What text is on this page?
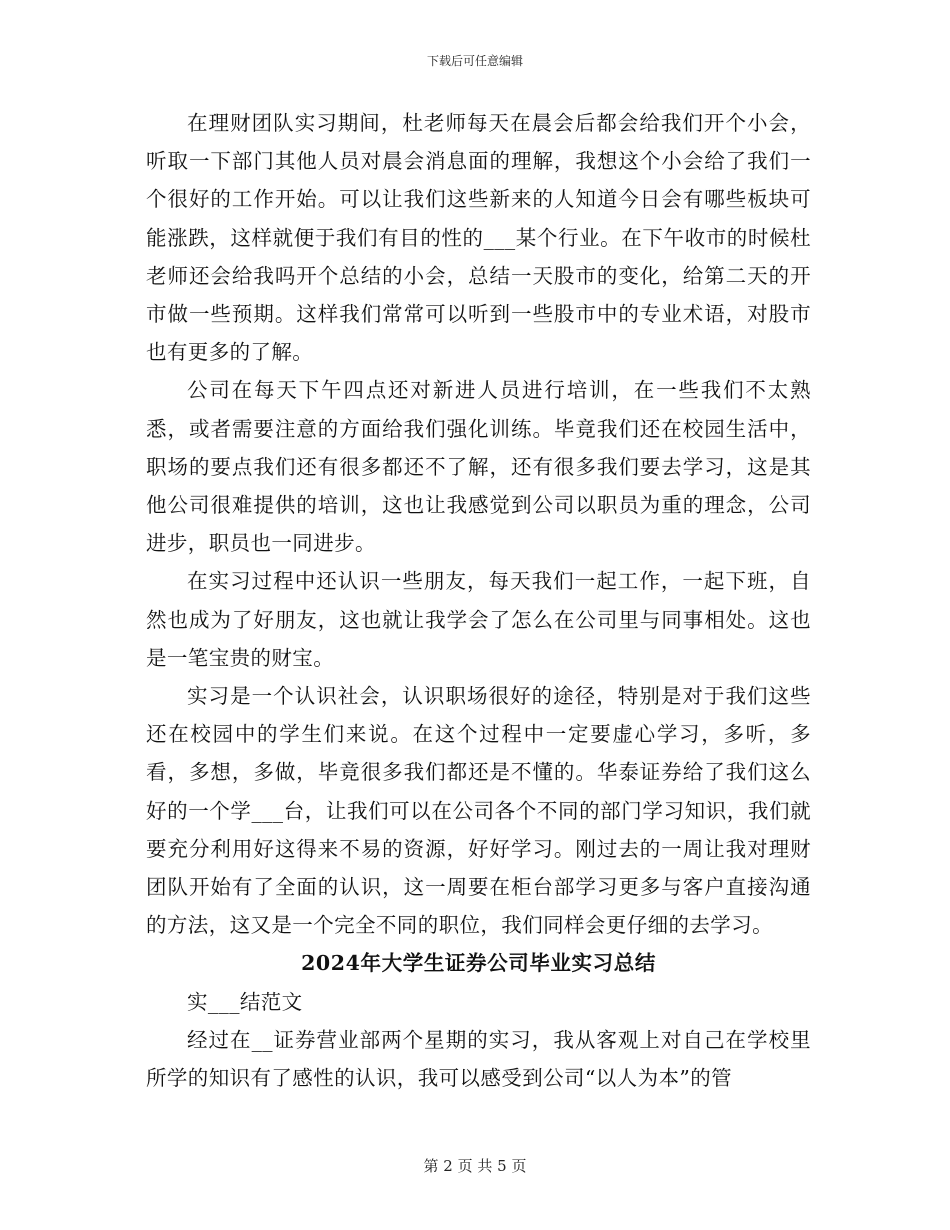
下载后可任意编辑

在理财团队实习期间，杜老师每天在晨会后都会给我们开个小会，听取一下部门其他人员对晨会消息面的理解，我想这个小会给了我们一个很好的工作开始。可以让我们这些新来的人知道今日会有哪些板块可能涨跌，这样就便于我们有目的性的___某个行业。在下午收市的时候杜老师还会给我吗开个总结的小会，总结一天股市的变化，给第二天的开市做一些预期。这样我们常常可以听到一些股市中的专业术语，对股市也有更多的了解。

公司在每天下午四点还对新进人员进行培训，在一些我们不太熟悉，或者需要注意的方面给我们强化训练。毕竟我们还在校园生活中，职场的要点我们还有很多都还不了解，还有很多我们要去学习，这是其他公司很难提供的培训，这也让我感觉到公司以职员为重的理念，公司进步，职员也一同进步。

在实习过程中还认识一些朋友，每天我们一起工作，一起下班，自然也成为了好朋友，这也就让我学会了怎么在公司里与同事相处。这也是一笔宝贵的财宝。

实习是一个认识社会，认识职场很好的途径，特别是对于我们这些还在校园中的学生们来说。在这个过程中一定要虚心学习，多听，多看，多想，多做，毕竟很多我们都还是不懂的。华泰证券给了我们这么好的一个学___台，让我们可以在公司各个不同的部门学习知识，我们就要充分利用好这得来不易的资源，好好学习。刚过去的一周让我对理财团队开始有了全面的认识，这一周要在柜台部学习更多与客户直接沟通的方法，这又是一个完全不同的职位，我们同样会更仔细的去学习。

2024年大学生证券公司毕业实习总结

实___结范文

经过在__证券营业部两个星期的实习，我从客观上对自己在学校里所学的知识有了感性的认识，我可以感受到公司“以人为本”的管

第 2 页 共 5 页
